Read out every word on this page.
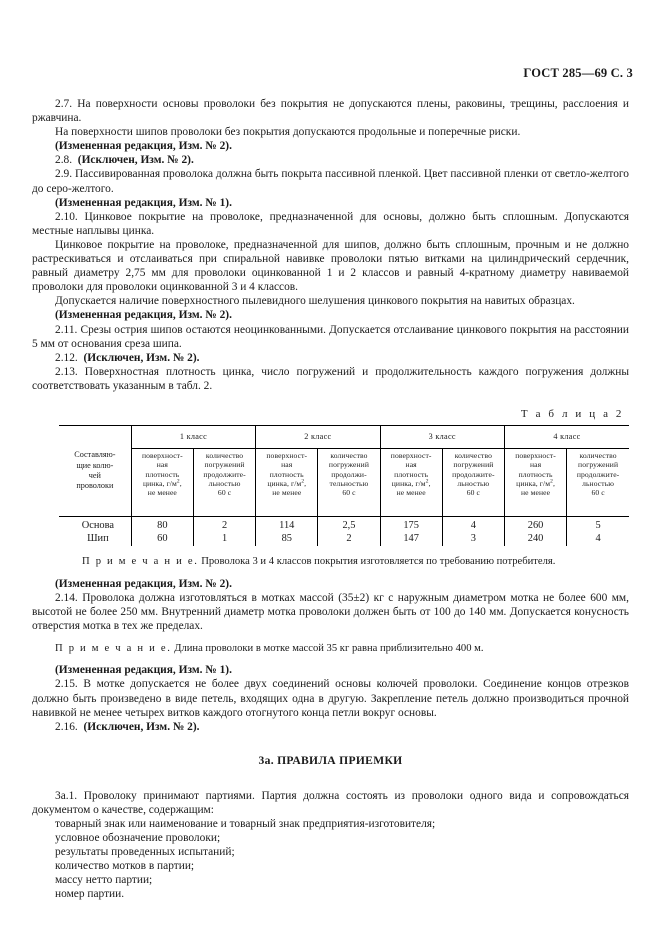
ГОСТ 285—69 С. 3

2.7. На поверхности основы проволоки без покрытия не допускаются плены, раковины, трещины, расслоения и ржавчина.

На поверхности шипов проволоки без покрытия допускаются продольные и поперечные риски.

(Измененная редакция, Изм. № 2).

2.8.  (Исключен, Изм. № 2).

2.9. Пассивированная проволока должна быть покрыта пассивной пленкой. Цвет пассивной пленки от светло-желтого до серо-желтого.

(Измененная редакция, Изм. № 1).

2.10. Цинковое покрытие на проволоке, предназначенной для основы, должно быть сплошным. Допускаются местные наплывы цинка.

Цинковое покрытие на проволоке, предназначенной для шипов, должно быть сплошным, прочным и не должно растрескиваться и отслаиваться при спиральной навивке проволоки пятью витками на цилиндрический сердечник, равный диаметру 2,75 мм для проволоки оцинкованной 1 и 2 классов и равный 4-кратному диаметру навиваемой проволоки для проволоки оцинкованной 3 и 4 классов.

Допускается наличие поверхностного пылевидного шелушения цинкового покрытия на навитых образцах.

(Измененная редакция, Изм. № 2).

2.11. Срезы острия шипов остаются неоцинкованными. Допускается отслаивание цинкового покрытия на расстоянии 5 мм от основания среза шипа.

2.12.  (Исключен, Изм. № 2).

2.13. Поверхностная плотность цинка, число погружений и продолжительность каждого погружения должны соответствовать указанным в табл. 2.

Т а б л и ц а 2
Составляю-
щие колю-
чей
проволоки	1 класс		2 класс		3 класс		4 класс	

	поверхност-
ная
плотность
цинка, $г/м^2$,
не менее	количество
погружений
продолжите-
льностью
60 с	поверхност-
ная
плотность
цинка, $г/м^2$,
не менее	количество
погружений
продолжи-
тельностью
60 с	поверхност-
ная
плотность
цинка, $г/м^2$,
не менее	количество
погружений
продолжите-
льностью
60 с	поверхност-
ная
плотность
цинка, $г/м^2$,
не менее	количество
погружений
продолжите-
льностью
60 с

Основа	80	2	114	2,5	175	4	260	5
Шип	60	1	85	2	147	3	240	4
П р и м е ч а н и е. Проволока 3 и 4 классов покрытия изготовляется по требованию потребителя.

(Измененная редакция, Изм. № 2).

2.14. Проволока должна изготовляться в мотках массой (35±2) кг с наружным диаметром мотка не более 600 мм, высотой не более 250 мм. Внутренний диаметр мотка проволоки должен быть от 100 до 140 мм. Допускается конусность отверстия мотка в тех же пределах.

П р и м е ч а н и е. Длина проволоки в мотке массой 35 кг равна приблизительно 400 м.

(Измененная редакция, Изм. № 1).

2.15. В мотке допускается не более двух соединений основы колючей проволоки. Соединение концов отрезков должно быть произведено в виде петель, входящих одна в другую. Закрепление петель должно производиться прочной навивкой не менее четырех витков каждого отогнутого конца петли вокруг основы.

2.16.  (Исключен, Изм. № 2).

3а. ПРАВИЛА ПРИЕМКИ

3а.1. Проволоку принимают партиями. Партия должна состоять из проволоки одного вида и сопровождаться документом о качестве, содержащим:

товарный знак или наименование и товарный знак предприятия-изготовителя;

условное обозначение проволоки;

результаты проведенных испытаний;

количество мотков в партии;

массу нетто партии;

номер партии.
